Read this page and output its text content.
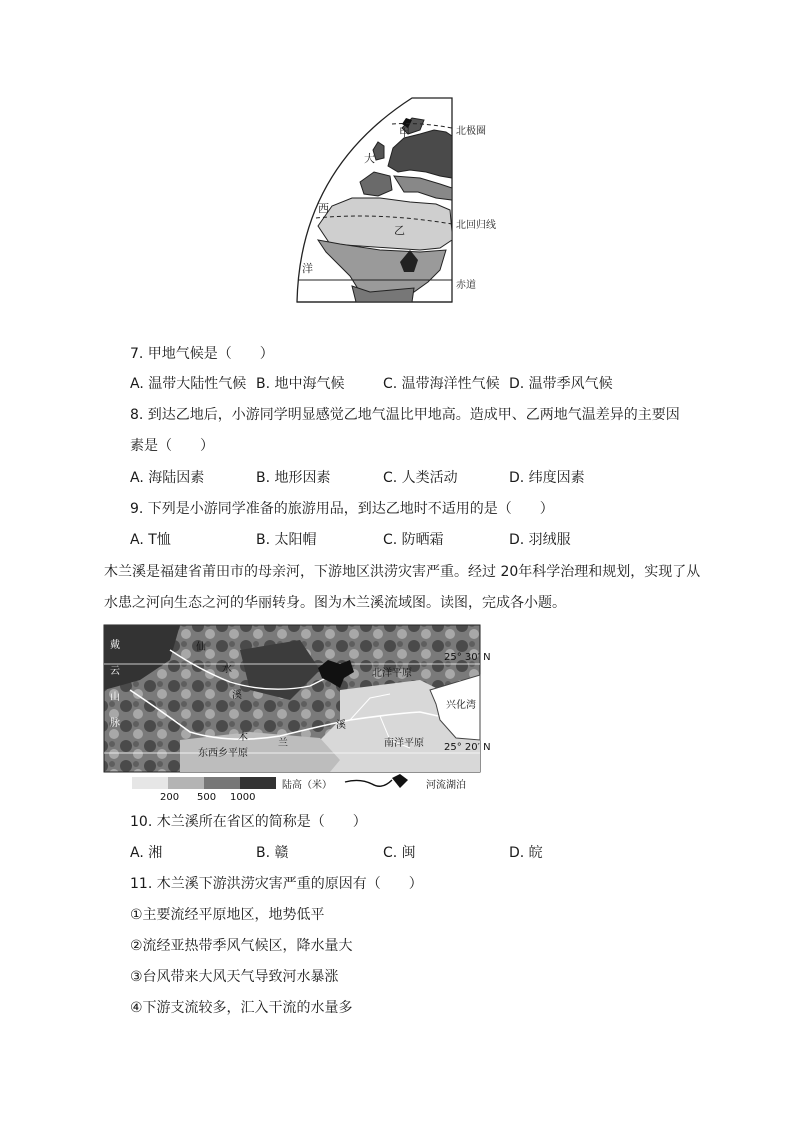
甲
大
西
乙
洋
北极圈
北回归线
赤道
7. 甲地气候是（　　）
A. 温带大陆性气候 B. 地中海气候	C. 温带海洋性气候 D. 温带季风气候
8. 到达乙地后，小游同学明显感觉乙地气温比甲地高。造成甲、乙两地气温差异的主要因
素是（　　）
A. 海陆因素	B. 地形因素	C. 人类活动	D. 纬度因素
9. 下列是小游同学准备的旅游用品，到达乙地时不适用的是（　　）
A. T恤	B. 太阳帽	C. 防晒霜	D. 羽绒服
木兰溪是福建省莆田市的母亲河，下游地区洪涝灾害严重。经过 20年科学治理和规划，实现了从
水患之河向生态之河的华丽转身。图为木兰溪流域图。读图，完成各小题。
戴
云
山
脉
仙
水
溪
木
兰
溪
北洋平原
南洋平原
东西乡平原
兴化湾
25° 30′ N
25° 20′ N
200 500 1000
陆高（米）	河流湖泊
10. 木兰溪所在省区的简称是（　　）
A. 湘	B. 赣	C. 闽	D. 皖
11. 木兰溪下游洪涝灾害严重的原因有（　　）
①主要流经平原地区，地势低平
②流经亚热带季风气候区，降水量大
③台风带来大风天气导致河水暴涨
④下游支流较多，汇入干流的水量多
